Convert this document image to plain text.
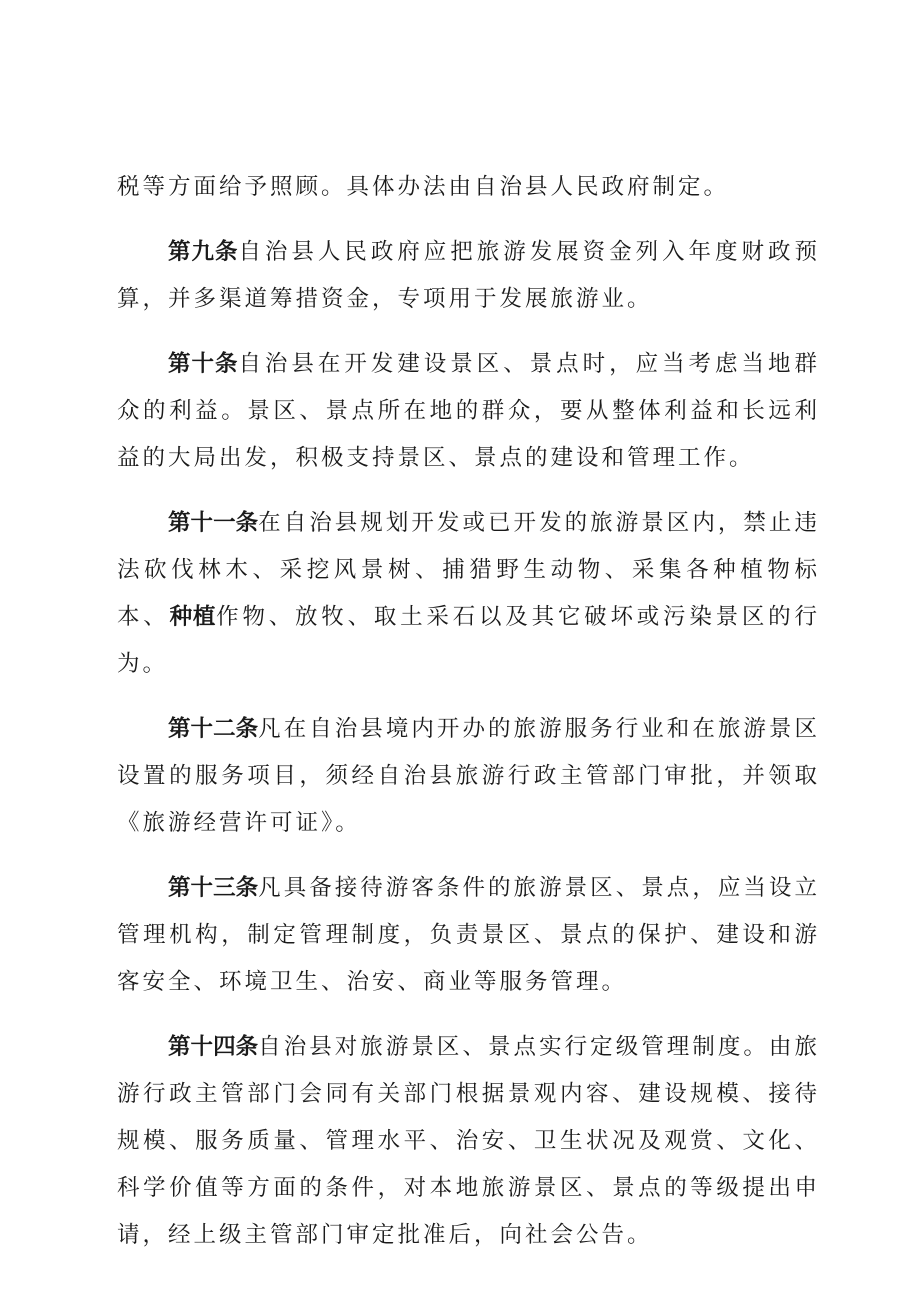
税等方面给予照顾。具体办法由自治县人民政府制定。

第九条自治县人民政府应把旅游发展资金列入年度财政预算，并多渠道筹措资金，专项用于发展旅游业。

第十条自治县在开发建设景区、景点时，应当考虑当地群众的利益。景区、景点所在地的群众，要从整体利益和长远利益的大局出发，积极支持景区、景点的建设和管理工作。

第十一条在自治县规划开发或已开发的旅游景区内，禁止违法砍伐林木、采挖风景树、捕猎野生动物、采集各种植物标本、种植作物、放牧、取土采石以及其它破坏或污染景区的行为。

第十二条凡在自治县境内开办的旅游服务行业和在旅游景区设置的服务项目，须经自治县旅游行政主管部门审批，并领取《旅游经营许可证》。

第十三条凡具备接待游客条件的旅游景区、景点，应当设立管理机构，制定管理制度，负责景区、景点的保护、建设和游客安全、环境卫生、治安、商业等服务管理。

第十四条自治县对旅游景区、景点实行定级管理制度。由旅游行政主管部门会同有关部门根据景观内容、建设规模、接待规模、服务质量、管理水平、治安、卫生状况及观赏、文化、科学价值等方面的条件，对本地旅游景区、景点的等级提出申请，经上级主管部门审定批准后，向社会公告。
